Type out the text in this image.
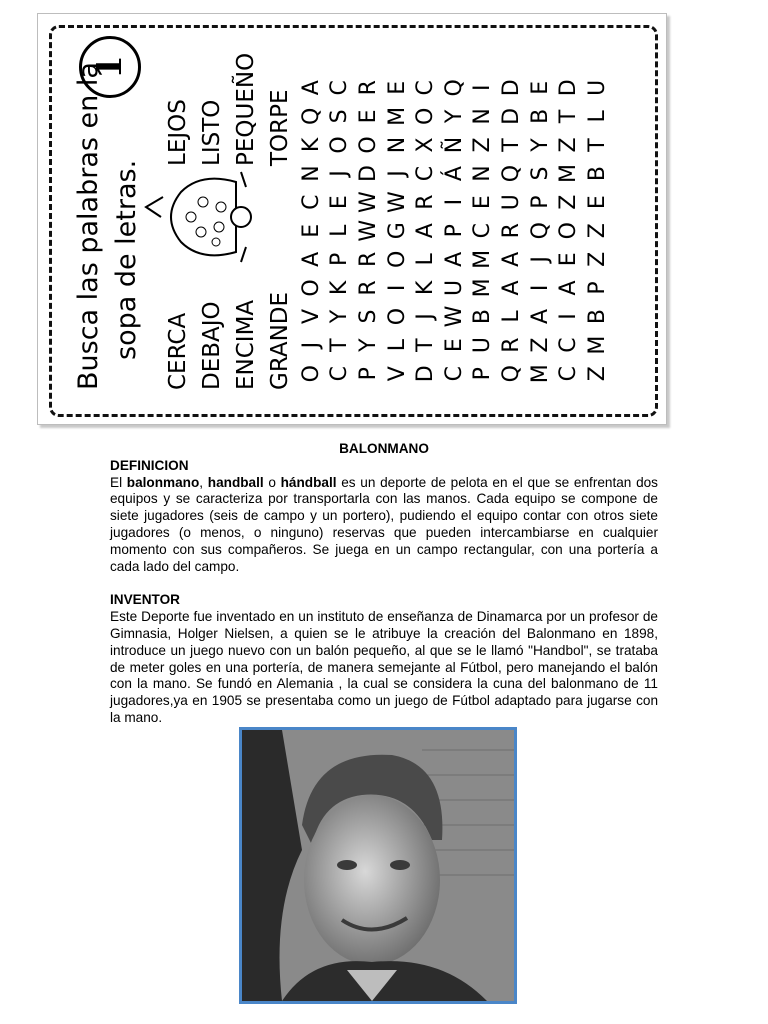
Busca las palabras en la sopa de letras.
1
CERCA DEBAJO ENCIMA GRANDE
LEJOS LISTO PEQUEÑO TORPE
O
J
V
O
A
E
C
N
K
Q
A
C
T
Y
K
P
L
E
J
O
S
C
P
Y
S
R
R
W
W
D
O
E
R
V
L
O
I
O
G
W
J
N
M
E
D
T
J
K
L
A
R
C
X
O
C
C
E
W
U
A
P
I
Á
Ñ
Y
Q
P
U
B
M
M
C
E
N
Z
N
I
Q
R
L
A
A
R
U
Q
T
D
D
M
Z
A
I
J
Q
P
S
Y
B
E
C
C
I
A
E
O
Z
M
Z
T
D
Z
M
B
P
Z
Z
E
B
T
L
U
BALONMANO
DEFINICION

El balonmano, handball o hándball es un deporte de pelota en el que se enfrentan dos equipos y se caracteriza por transportarla con las manos. Cada equipo se compone de siete jugadores (seis de campo y un portero), pudiendo el equipo contar con otros siete jugadores (o menos, o ninguno) reservas que pueden intercambiarse en cualquier momento con sus compañeros. Se juega en un campo rectangular, con una portería a cada lado del campo.

INVENTOR

Este Deporte fue inventado en un instituto de enseñanza de Dinamarca por un profesor de Gimnasia, Holger Nielsen, a quien se le atribuye la creación del Balonmano en 1898, introduce un juego nuevo con un balón pequeño, al que se le llamó "Handbol", se trataba de meter goles en una portería, de manera semejante al Fútbol, pero manejando el balón con la mano. Se fundó en Alemania , la cual se considera la cuna del balonmano de 11 jugadores,ya en 1905 se presentaba como un juego de Fútbol adaptado para jugarse con la mano.
